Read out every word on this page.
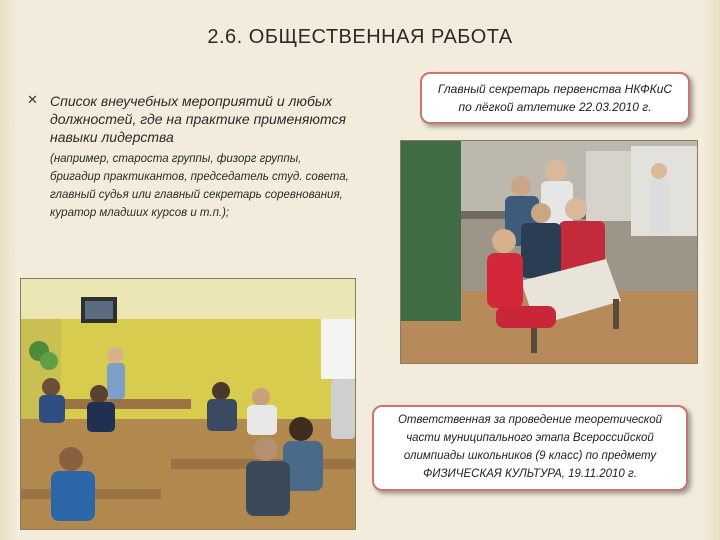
2.6. ОБЩЕСТВЕННАЯ РАБОТА
✕ Список внеучебных мероприятий и любых должностей, где на практике применяются навыки лидерства
(например, староста группы, физорг группы, бригадир практикантов, председатель студ. совета, главный судья или главный секретарь соревнования, куратор младших курсов и т.п.);
Главный секретарь первенства НКФКиС
по лёгкой атлетике 22.03.2010 г.
Ответственная за проведение теоретической
части муниципального этапа Всероссийской
олимпиады школьников (9 класс) по предмету
ФИЗИЧЕСКАЯ КУЛЬТУРА, 19.11.2010 г.
